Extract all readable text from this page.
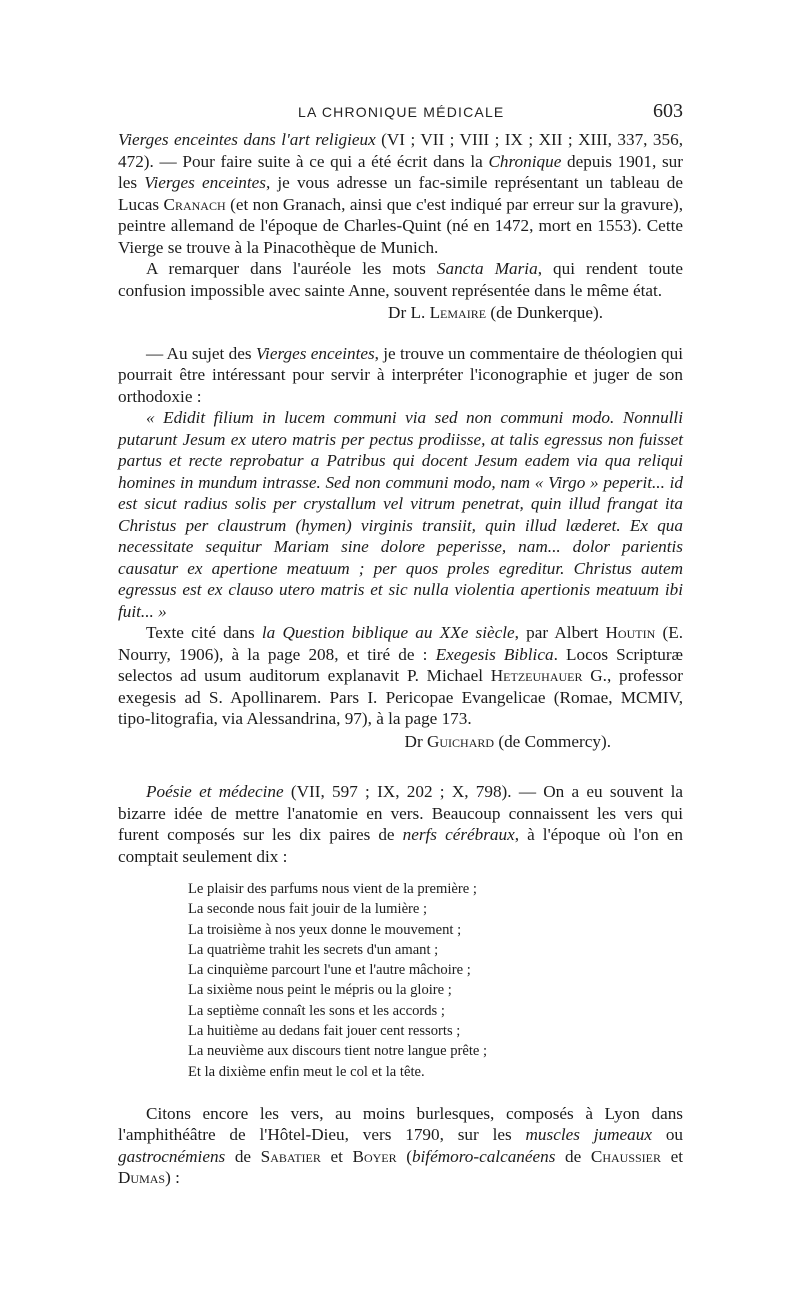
LA CHRONIQUE MÉDICALE	603

Vierges enceintes dans l'art religieux (VI ; VII ; VIII ; IX ; XII ; XIII, 337, 356, 472). — Pour faire suite à ce qui a été écrit dans la Chronique depuis 1901, sur les Vierges enceintes, je vous adresse un fac-simile représentant un tableau de Lucas Cranach (et non Granach, ainsi que c'est indiqué par erreur sur la gravure), peintre allemand de l'époque de Charles-Quint (né en 1472, mort en 1553). Cette Vierge se trouve à la Pinacothèque de Munich.

A remarquer dans l'auréole les mots Sancta Maria, qui rendent toute confusion impossible avec sainte Anne, souvent représentée dans le même état.

Dr L. Lemaire (de Dunkerque).

— Au sujet des Vierges enceintes, je trouve un commentaire de théologien qui pourrait être intéressant pour servir à interpréter l'iconographie et juger de son orthodoxie :

« Edidit filium in lucem communi via sed non communi modo. Nonnulli putarunt Jesum ex utero matris per pectus prodiisse, at talis egressus non fuisset partus et recte reprobatur a Patribus qui docent Jesum eadem via qua reliqui homines in mundum intrasse. Sed non communi modo, nam « Virgo » peperit... id est sicut radius solis per crystallum vel vitrum penetrat, quin illud frangat ita Christus per claustrum (hymen) virginis transiit, quin illud læderet. Ex qua necessitate sequitur Mariam sine dolore peperisse, nam... dolor parientis causatur ex apertione meatuum ; per quos proles egreditur. Christus autem egressus est ex clauso utero matris et sic nulla violentia apertionis meatuum ibi fuit... »

Texte cité dans la Question biblique au XXe siècle, par Albert Houtin (E. Nourry, 1906), à la page 208, et tiré de : Exegesis Biblica. Locos Scripturæ selectos ad usum auditorum explanavit P. Michael Hetzeuhauer G., professor exegesis ad S. Apollinarem. Pars I. Pericopae Evangelicae (Romae, MCMIV, tipo-litografia, via Alessandrina, 97), à la page 173.

Dr Guichard (de Commercy).

Poésie et médecine (VII, 597 ; IX, 202 ; X, 798). — On a eu souvent la bizarre idée de mettre l'anatomie en vers. Beaucoup connaissent les vers qui furent composés sur les dix paires de nerfs cérébraux, à l'époque où l'on en comptait seulement dix :

Le plaisir des parfums nous vient de la première ;
La seconde nous fait jouir de la lumière ;
La troisième à nos yeux donne le mouvement ;
La quatrième trahit les secrets d'un amant ;
La cinquième parcourt l'une et l'autre mâchoire ;
La sixième nous peint le mépris ou la gloire ;
La septième connaît les sons et les accords ;
La huitième au dedans fait jouer cent ressorts ;
La neuvième aux discours tient notre langue prête ;
Et la dixième enfin meut le col et la tête.

Citons encore les vers, au moins burlesques, composés à Lyon dans l'amphithéâtre de l'Hôtel-Dieu, vers 1790, sur les muscles jumeaux ou gastrocnémiens de Sabatier et Boyer (bifémoro-calcanéens de Chaussier et Dumas) :
